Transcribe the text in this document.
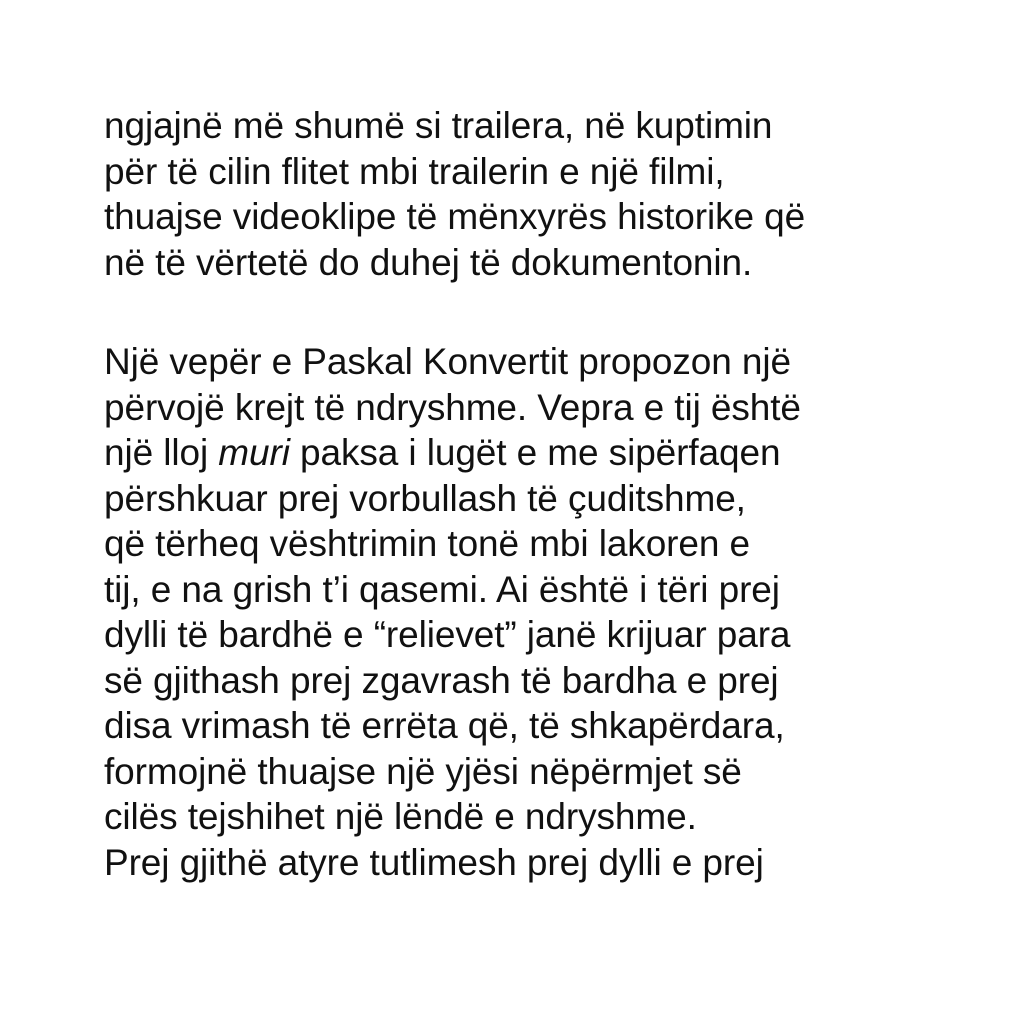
ngjajnë më shumë si trailera, në kuptimin
për të cilin flitet mbi trailerin e një filmi,
thuajse videoklipe të mënxyrës historike që
në të vërtetë do duhej të dokumentonin.
Një vepër e Paskal Konvertit propozon një
përvojë krejt të ndryshme. Vepra e tij është
një lloj muri paksa i lugët e me sipërfaqen
përshkuar prej vorbullash të çuditshme,
që tërheq vështrimin tonë mbi lakoren e
tij, e na grish t’i qasemi. Ai është i tëri prej
dylli të bardhë e “relievet” janë krijuar para
së gjithash prej zgavrash të bardha e prej
disa vrimash të errëta që, të shkapërdara,
formojnë thuajse një yjësi nëpërmjet së
cilës tejshihet një lëndë e ndryshme.
Prej gjithë atyre tutlimesh prej dylli e prej
